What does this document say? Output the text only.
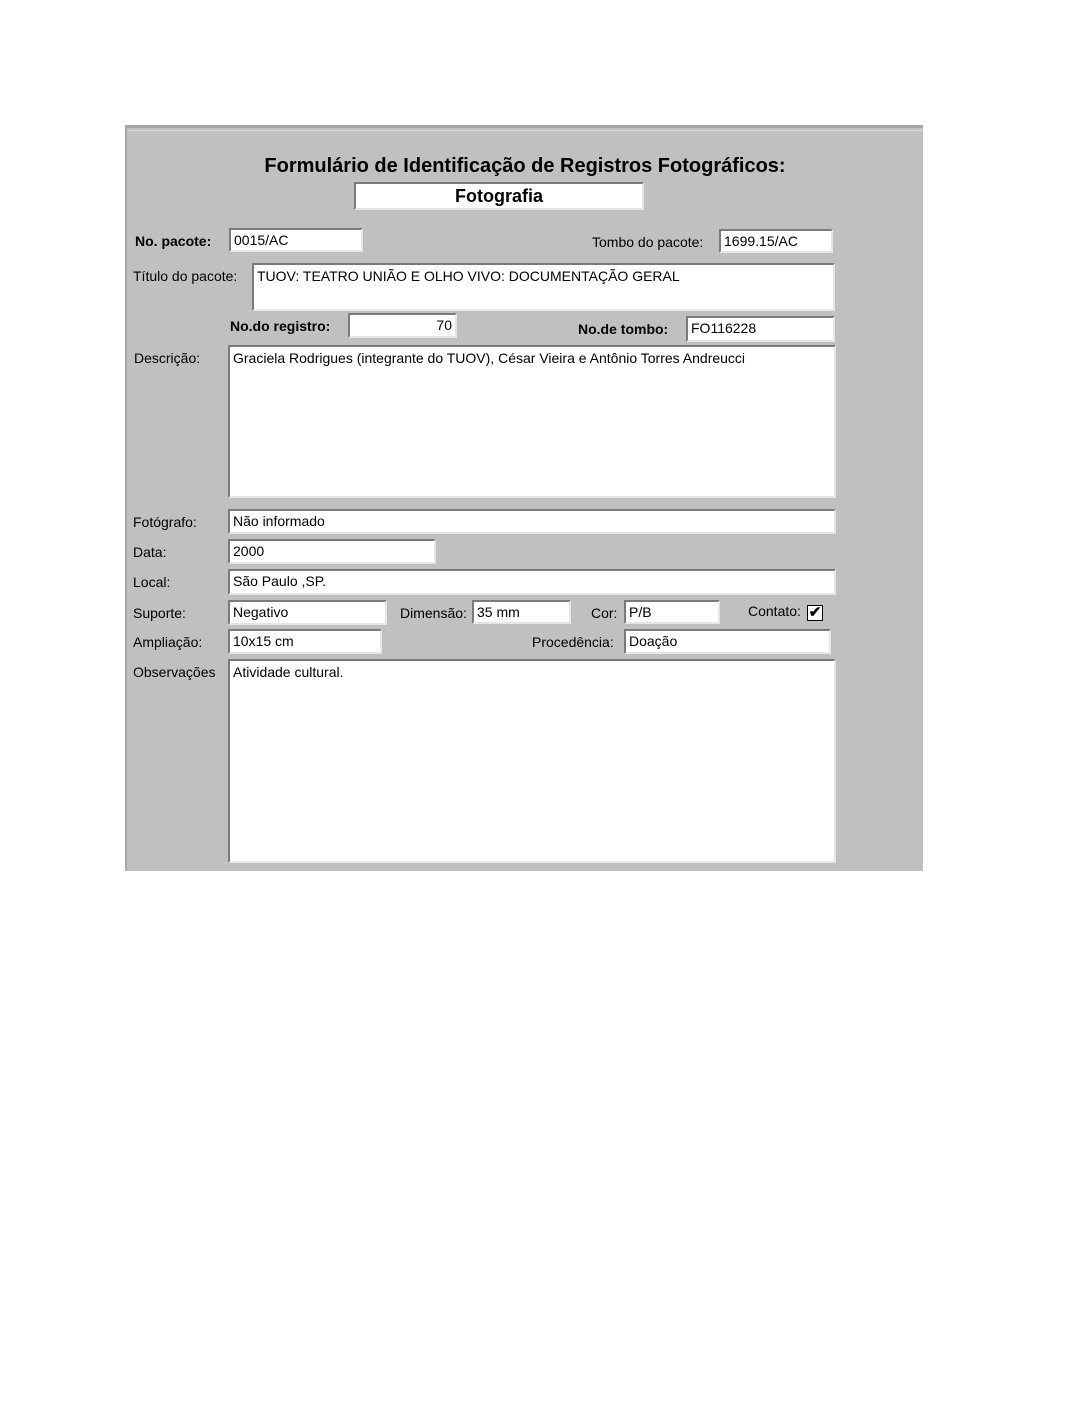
Formulário de Identificação de Registros Fotográficos:
Fotografia
No. pacote:	0015/AC	Tombo do pacote:	1699.15/AC
Título do pacote:	TUOV: TEATRO UNIÃO E OLHO VIVO: DOCUMENTAÇÃO GERAL
No.do registro:	70	No.de tombo:	FO116228
Descrição:	Graciela Rodrigues (integrante do TUOV), César Vieira e Antônio Torres Andreucci
Fotógrafo:	Não informado
Data:	2000
Local:	São Paulo ,SP.
Suporte:	Negativo	Dimensão: 35 mm	Cor: P/B	Contato: ✔
Ampliação:	10x15 cm	Procedência:	Doação
Observações	Atividade cultural.
